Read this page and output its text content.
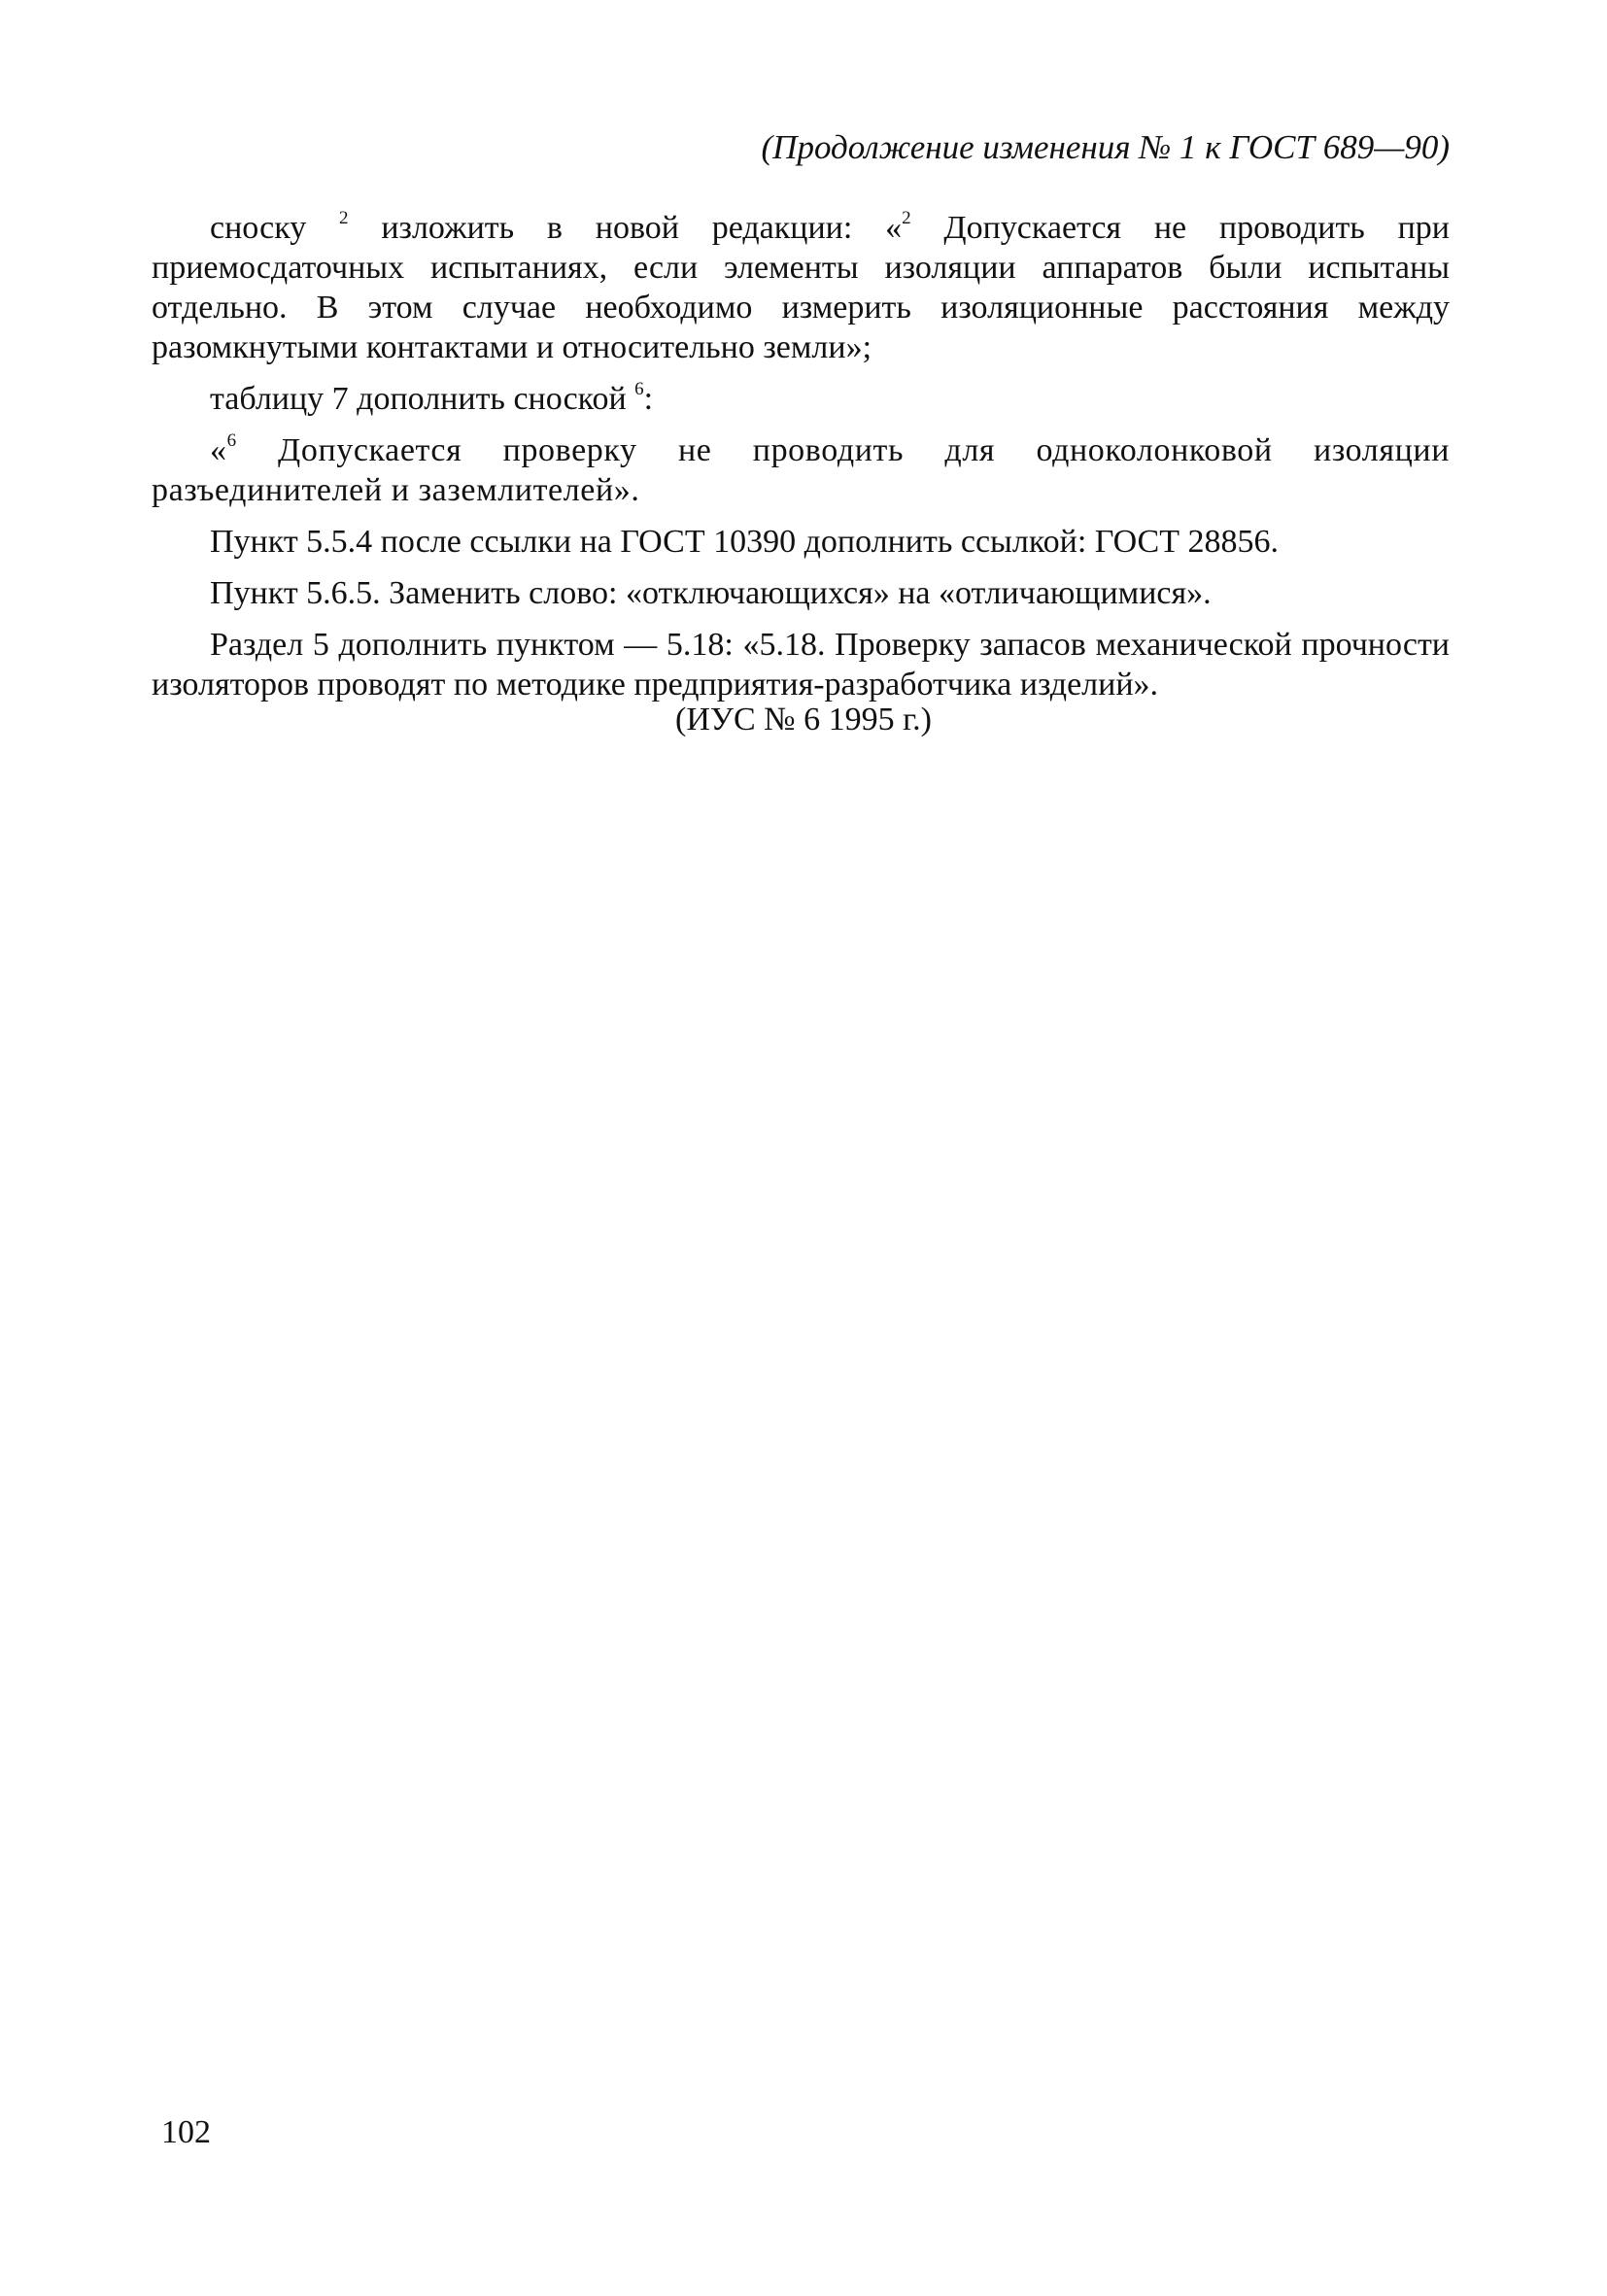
(Продолжение изменения № 1 к ГОСТ 689—90)

сноску $^2$ изложить в новой редакции: «$^2$ Допускается не проводить при приемосдаточных испытаниях, если элементы изоляции аппаратов были испытаны отдельно. В этом случае необходимо измерить изоляционные расстояния между разомкнутыми контактами и относительно земли»;

таблицу 7 дополнить сноской $^6$:

«$^6$ Допускается проверку не проводить для одноколонковой изоляции разъединителей и заземлителей».

Пункт 5.5.4 после ссылки на ГОСТ 10390 дополнить ссылкой: ГОСТ 28856.

Пункт 5.6.5. Заменить слово: «отключающихся» на «отличающимися».

Раздел 5 дополнить пунктом — 5.18: «5.18. Проверку запасов механической прочности изоляторов проводят по методике предприятия-разработчика изделий».

(ИУС № 6 1995 г.)
102
